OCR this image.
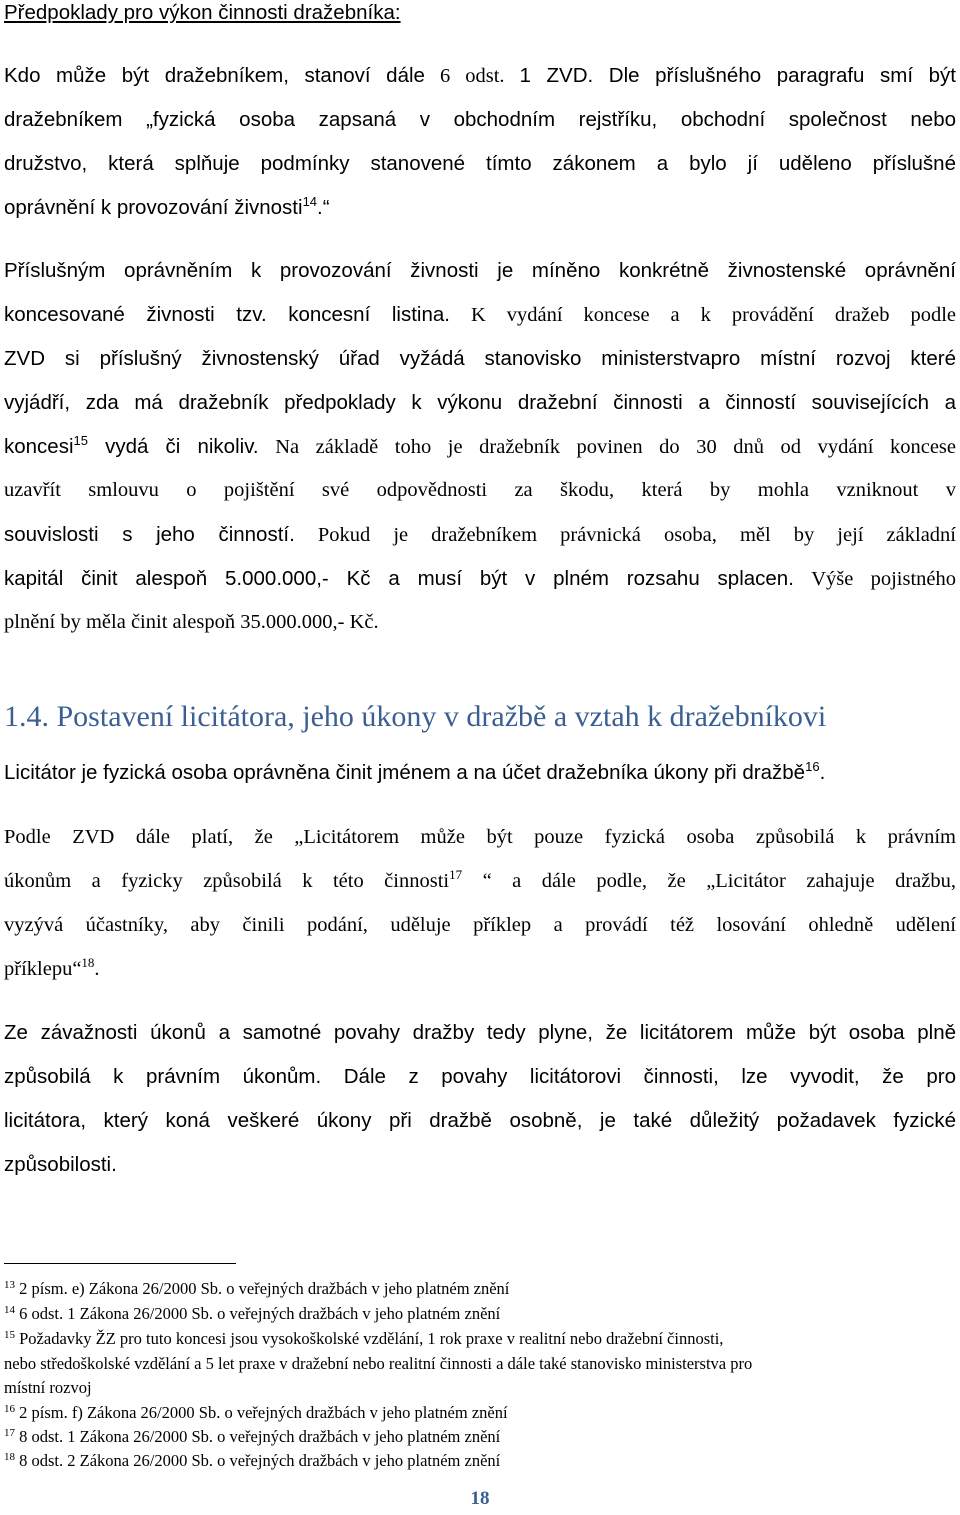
Předpoklady pro výkon činnosti dražebníka:
Kdo může být dražebníkem, stanoví dále 6 odst. 1 ZVD. Dle příslušného paragrafu smí být
dražebníkem „fyzická osoba zapsaná v obchodním rejstříku, obchodní společnost nebo
družstvo, která splňuje podmínky stanovené tímto zákonem a bylo jí uděleno příslušné
oprávnění k provozování živnosti$^{14}$.“
Příslušným oprávněním k provozování živnosti je míněno konkrétně živnostenské oprávnění
koncesované živnosti tzv. koncesní listina. K vydání koncese a k provádění dražeb podle
ZVD si příslušný živnostenský úřad vyžádá stanovisko ministerstvapro místní rozvoj které
vyjádří, zda má dražebník předpoklady k výkonu dražební činnosti a činností souvisejících a
koncesi$^{15}$ vydá či nikoliv. Na základě toho je dražebník povinen do 30 dnů od vydání koncese
uzavřít smlouvu o pojištění své odpovědnosti za škodu, která by mohla vzniknout v
souvislosti s jeho činností. Pokud je dražebníkem právnická osoba, měl by její základní
kapitál činit alespoň 5.000.000,- Kč a musí být v plném rozsahu splacen. Výše pojistného
plnění by měla činit alespoň 35.000.000,- Kč.
1.4. Postavení licitátora, jeho úkony v dražbě a vztah k dražebníkovi
Licitátor je fyzická osoba oprávněna činit jménem a na účet dražebníka úkony při dražbě$^{16}$.
Podle ZVD dále platí, že „Licitátorem může být pouze fyzická osoba způsobilá k právním
úkonům a fyzicky způsobilá k této činnosti$^{17}$ “ a dále podle, že „Licitátor zahajuje dražbu,
vyzývá účastníky, aby činili podání, uděluje příklep a provádí též losování ohledně udělení
příklepu“$^{18}$.
Ze závažnosti úkonů a samotné povahy dražby tedy plyne, že licitátorem může být osoba plně
způsobilá k právním úkonům. Dále z povahy licitátorovi činnosti, lze vyvodit, že pro
licitátora, který koná veškeré úkony při dražbě osobně, je také důležitý požadavek fyzické
způsobilosti.
$^{13}$ 2 písm. e) Zákona 26/2000 Sb. o veřejných dražbách v jeho platném znění
$^{14}$ 6 odst. 1 Zákona 26/2000 Sb. o veřejných dražbách v jeho platném znění
$^{15}$ Požadavky ŽZ pro tuto koncesi jsou vysokoškolské vzdělání, 1 rok praxe v realitní nebo dražební činnosti,
nebo středoškolské vzdělání a 5 let praxe v dražební nebo realitní činnosti a dále také stanovisko ministerstva pro
místní rozvoj
$^{16}$ 2 písm. f) Zákona 26/2000 Sb. o veřejných dražbách v jeho platném znění
$^{17}$ 8 odst. 1 Zákona 26/2000 Sb. o veřejných dražbách v jeho platném znění
$^{18}$ 8 odst. 2 Zákona 26/2000 Sb. o veřejných dražbách v jeho platném znění
18
